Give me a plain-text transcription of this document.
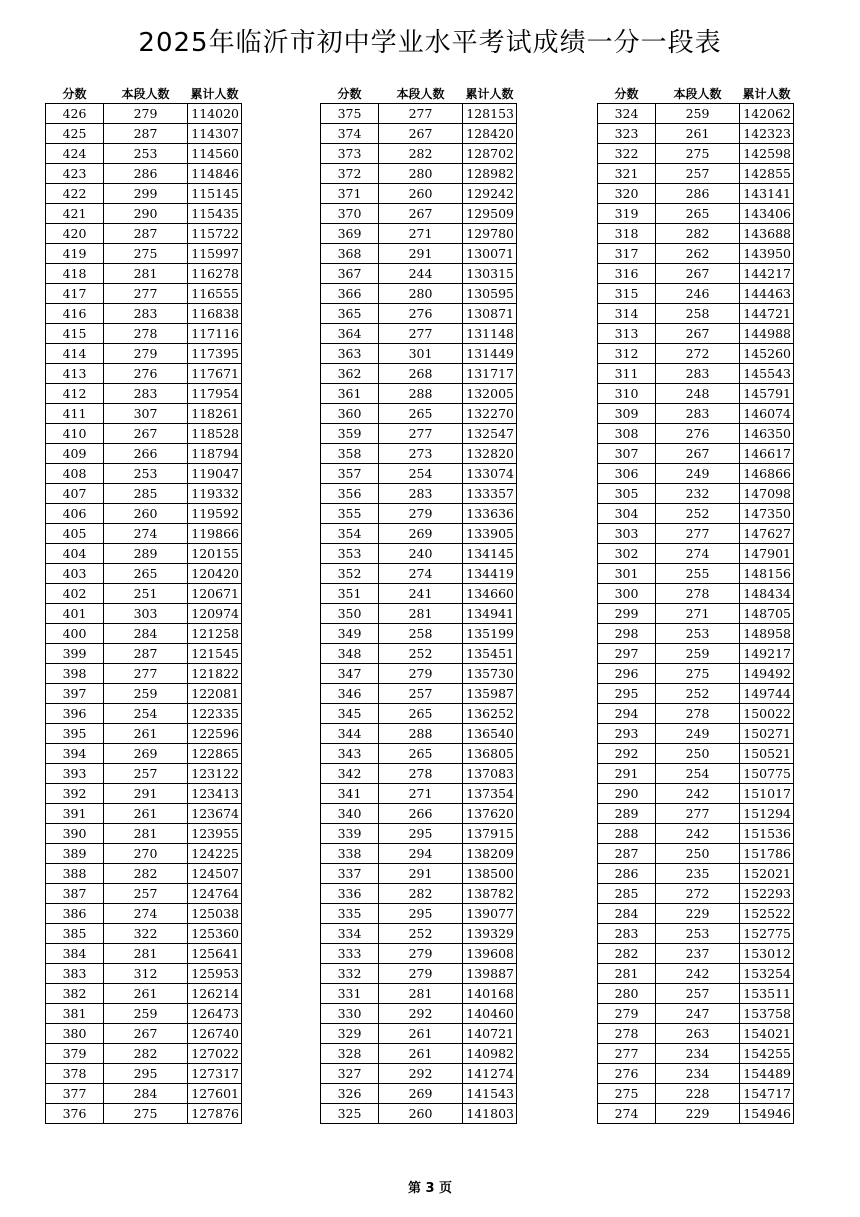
2025年临沂市初中学业水平考试成绩一分一段表
分数	本段人数	累计人数
426	279	114020
425	287	114307
424	253	114560
423	286	114846
422	299	115145
421	290	115435
420	287	115722
419	275	115997
418	281	116278
417	277	116555
416	283	116838
415	278	117116
414	279	117395
413	276	117671
412	283	117954
411	307	118261
410	267	118528
409	266	118794
408	253	119047
407	285	119332
406	260	119592
405	274	119866
404	289	120155
403	265	120420
402	251	120671
401	303	120974
400	284	121258
399	287	121545
398	277	121822
397	259	122081
396	254	122335
395	261	122596
394	269	122865
393	257	123122
392	291	123413
391	261	123674
390	281	123955
389	270	124225
388	282	124507
387	257	124764
386	274	125038
385	322	125360
384	281	125641
383	312	125953
382	261	126214
381	259	126473
380	267	126740
379	282	127022
378	295	127317
377	284	127601
376	275	127876
分数	本段人数	累计人数
375	277	128153
374	267	128420
373	282	128702
372	280	128982
371	260	129242
370	267	129509
369	271	129780
368	291	130071
367	244	130315
366	280	130595
365	276	130871
364	277	131148
363	301	131449
362	268	131717
361	288	132005
360	265	132270
359	277	132547
358	273	132820
357	254	133074
356	283	133357
355	279	133636
354	269	133905
353	240	134145
352	274	134419
351	241	134660
350	281	134941
349	258	135199
348	252	135451
347	279	135730
346	257	135987
345	265	136252
344	288	136540
343	265	136805
342	278	137083
341	271	137354
340	266	137620
339	295	137915
338	294	138209
337	291	138500
336	282	138782
335	295	139077
334	252	139329
333	279	139608
332	279	139887
331	281	140168
330	292	140460
329	261	140721
328	261	140982
327	292	141274
326	269	141543
325	260	141803
分数	本段人数	累计人数
324	259	142062
323	261	142323
322	275	142598
321	257	142855
320	286	143141
319	265	143406
318	282	143688
317	262	143950
316	267	144217
315	246	144463
314	258	144721
313	267	144988
312	272	145260
311	283	145543
310	248	145791
309	283	146074
308	276	146350
307	267	146617
306	249	146866
305	232	147098
304	252	147350
303	277	147627
302	274	147901
301	255	148156
300	278	148434
299	271	148705
298	253	148958
297	259	149217
296	275	149492
295	252	149744
294	278	150022
293	249	150271
292	250	150521
291	254	150775
290	242	151017
289	277	151294
288	242	151536
287	250	151786
286	235	152021
285	272	152293
284	229	152522
283	253	152775
282	237	153012
281	242	153254
280	257	153511
279	247	153758
278	263	154021
277	234	154255
276	234	154489
275	228	154717
274	229	154946
第 3 页
